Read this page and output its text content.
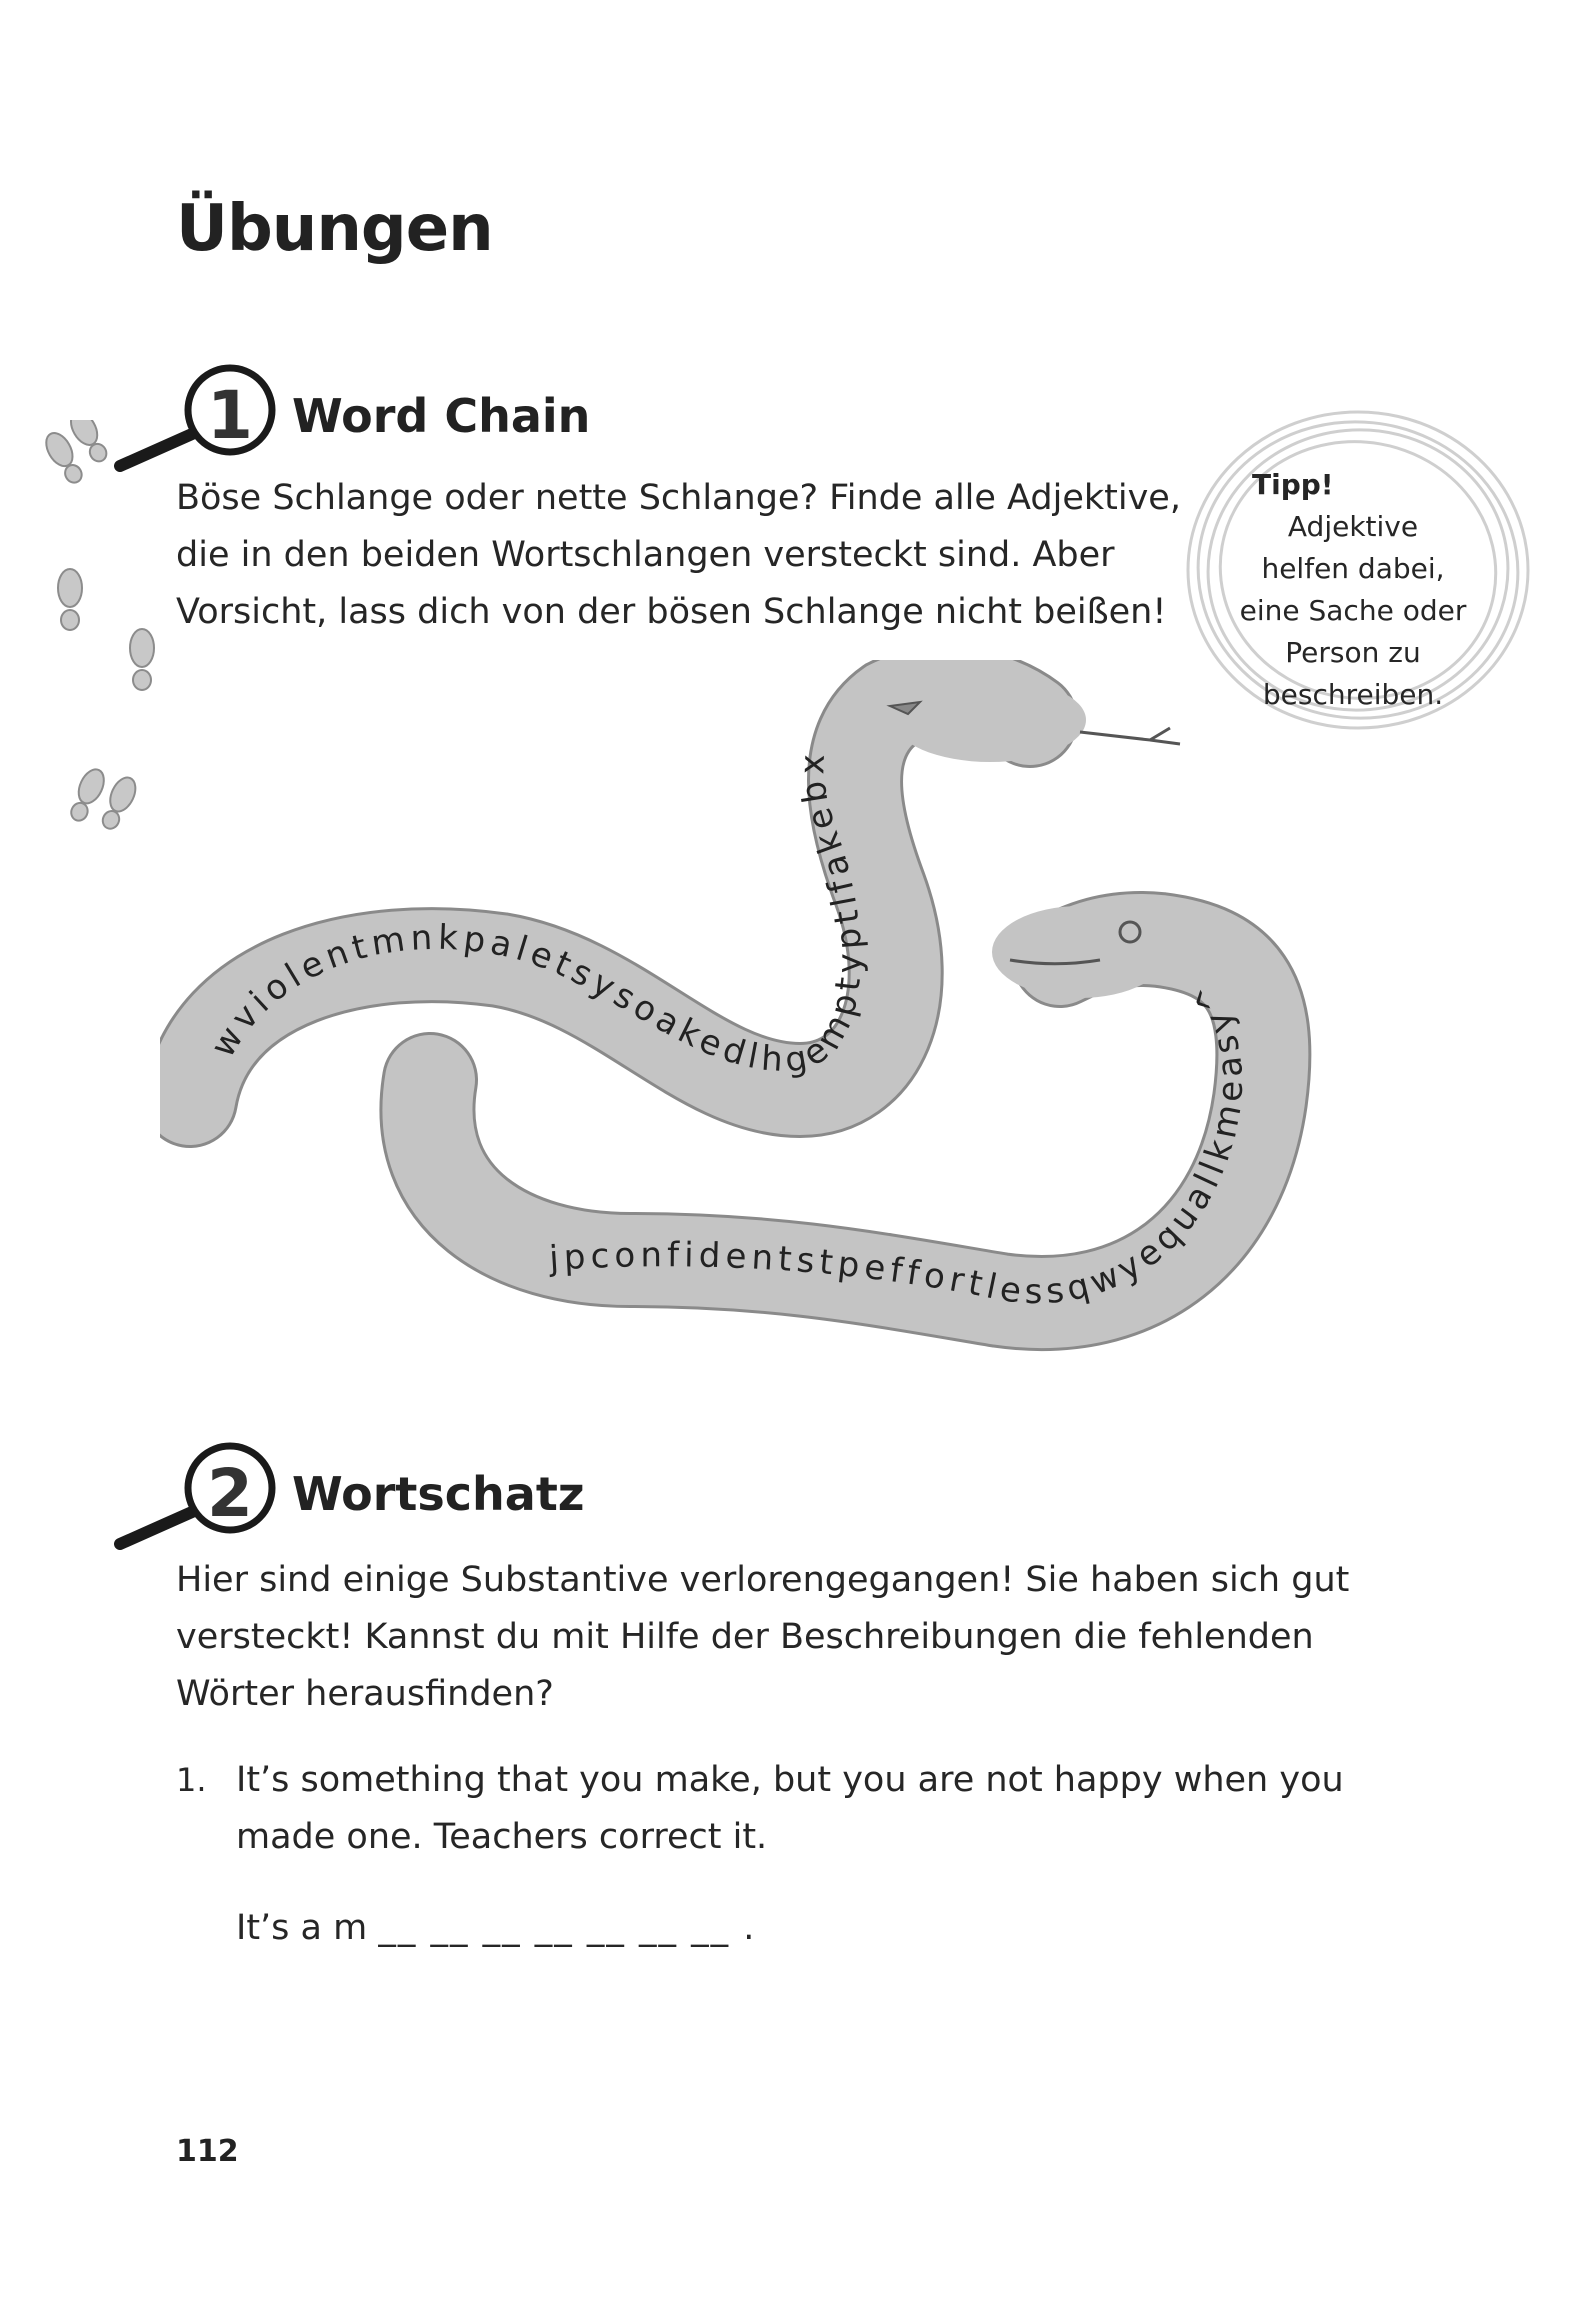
Übungen
1 Word Chain
Böse Schlange oder nette Schlange? Finde alle Adjektive,
die in den beiden Wortschlangen versteckt sind. Aber
Vorsicht, lass dich von der bösen Schlange nicht beißen!
Tipp!
Adjektive
helfen dabei,
eine Sache oder
Person zu
beschreiben.
wviolentmnkpaletsysoakedlhgemptyptlfakebx
jpconfidentstpeffortlessqwyequallkmeasy^
2 Wortschatz
Hier sind einige Substantive verlorengegangen! Sie haben sich gut
versteckt! Kannst du mit Hilfe der Beschreibungen die fehlenden
Wörter herausfinden?
1. It’s something that you make, but you are not happy when you
made one. Teachers correct it.
It’s a m __ __ __ __ __ __ __ .
112
